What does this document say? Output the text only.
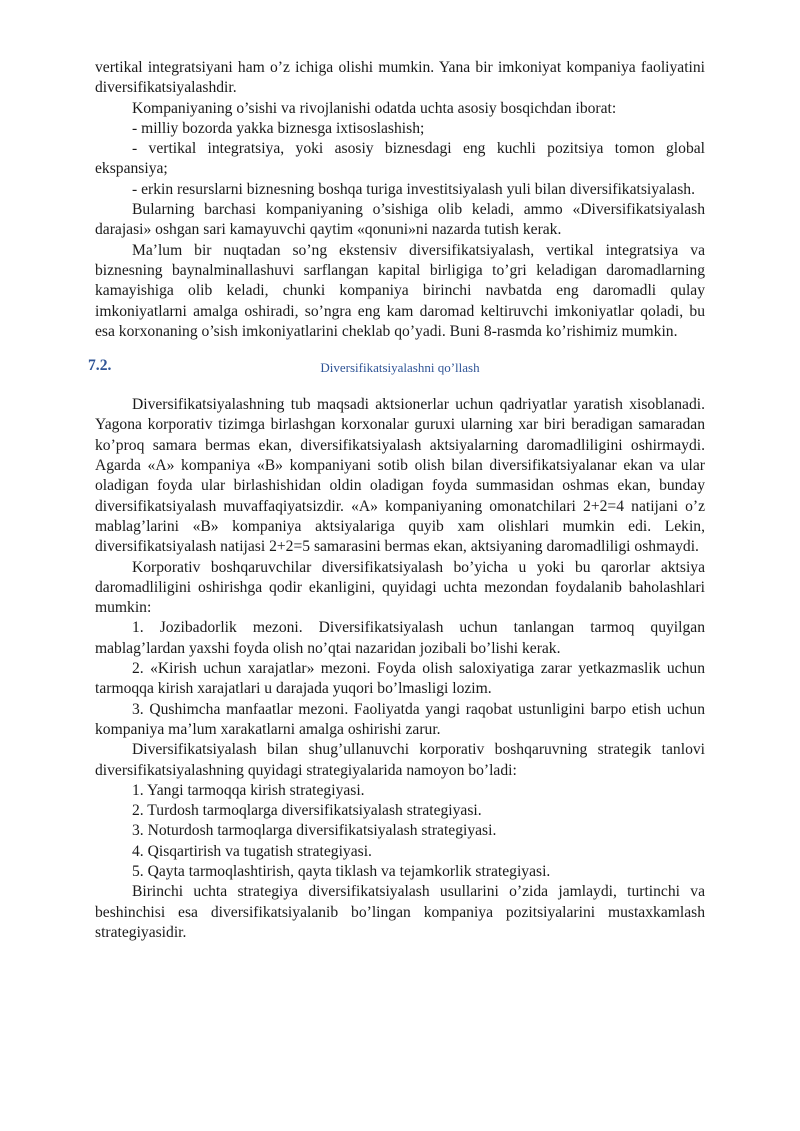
vertikal integratsiyani ham o’z ichiga olishi mumkin. Yana bir imkoniyat kompaniya faoliyatini diversifikatsiyalashdir.

Kompaniyaning o’sishi va rivojlanishi odatda uchta asosiy bosqichdan iborat:

- milliy bozorda yakka biznesga ixtisoslashish;

- vertikal integratsiya, yoki asosiy biznesdagi eng kuchli pozitsiya tomon global ekspansiya;

- erkin resurslarni biznesning boshqa turiga investitsiyalash yuli bilan diversifikatsiyalash.

Bularning barchasi kompaniyaning o’sishiga olib keladi, ammo «Diversifikatsiyalash darajasi» oshgan sari kamayuvchi qaytim «qonuni»ni nazarda tutish kerak.

Ma’lum bir nuqtadan so’ng ekstensiv diversifikatsiyalash, vertikal integratsiya va biznesning baynalminallashuvi sarflangan kapital birligiga to’gri keladigan daromadlarning kamayishiga olib keladi, chunki kompaniya birinchi navbatda eng daromadli qulay imkoniyatlarni amalga oshiradi, so’ngra eng kam daromad keltiruvchi imkoniyatlar qoladi, bu esa korxonaning o’sish imkoniyatlarini cheklab qo’yadi. Buni 8-rasmda ko’rishimiz mumkin.

7.2.	Diversifikatsiyalashni qo’llash

Diversifikatsiyalashning tub maqsadi aktsionerlar uchun qadriyatlar yaratish xisoblanadi. Yagona korporativ tizimga birlashgan korxonalar guruxi ularning xar biri beradigan samaradan ko’proq samara bermas ekan, diversifikatsiyalash aktsiyalarning daromadliligini oshirmaydi. Agarda «A» kompaniya «B» kompaniyani sotib olish bilan diversifikatsiyalanar ekan va ular oladigan foyda ular birlashishidan oldin oladigan foyda summasidan oshmas ekan, bunday diversifikatsiyalash muvaffaqiyatsizdir. «A» kompaniyaning omonatchilari 2+2=4 natijani o’z mablag’larini «B» kompaniya aktsiyalariga quyib xam olishlari mumkin edi. Lekin, diversifikatsiyalash natijasi 2+2=5 samarasini bermas ekan, aktsiyaning daromadliligi oshmaydi.

Korporativ boshqaruvchilar diversifikatsiyalash bo’yicha u yoki bu qarorlar aktsiya daromadliligini oshirishga qodir ekanligini, quyidagi uchta mezondan foydalanib baholashlari mumkin:

1. Jozibadorlik mezoni. Diversifikatsiyalash uchun tanlangan tarmoq quyilgan mablag’lardan yaxshi foyda olish no’qtai nazaridan jozibali bo’lishi kerak.

2. «Kirish uchun xarajatlar» mezoni. Foyda olish saloxiyatiga zarar yetkazmaslik uchun tarmoqqa kirish xarajatlari u darajada yuqori bo’lmasligi lozim.

3. Qushimcha manfaatlar mezoni. Faoliyatda yangi raqobat ustunligini barpo etish uchun kompaniya ma’lum xarakatlarni amalga oshirishi zarur.

Diversifikatsiyalash bilan shug’ullanuvchi korporativ boshqaruvning strategik tanlovi diversifikatsiyalashning quyidagi strategiyalarida namoyon bo’ladi:

1. Yangi tarmoqqa kirish strategiyasi.

2. Turdosh tarmoqlarga diversifikatsiyalash strategiyasi.

3. Noturdosh tarmoqlarga diversifikatsiyalash strategiyasi.

4. Qisqartirish va tugatish strategiyasi.

5. Qayta tarmoqlashtirish, qayta tiklash va tejamkorlik strategiyasi.

Birinchi uchta strategiya diversifikatsiyalash usullarini o’zida jamlaydi, turtinchi va beshinchisi esa diversifikatsiyalanib bo’lingan kompaniya pozitsiyalarini mustaxkamlash strategiyasidir.
